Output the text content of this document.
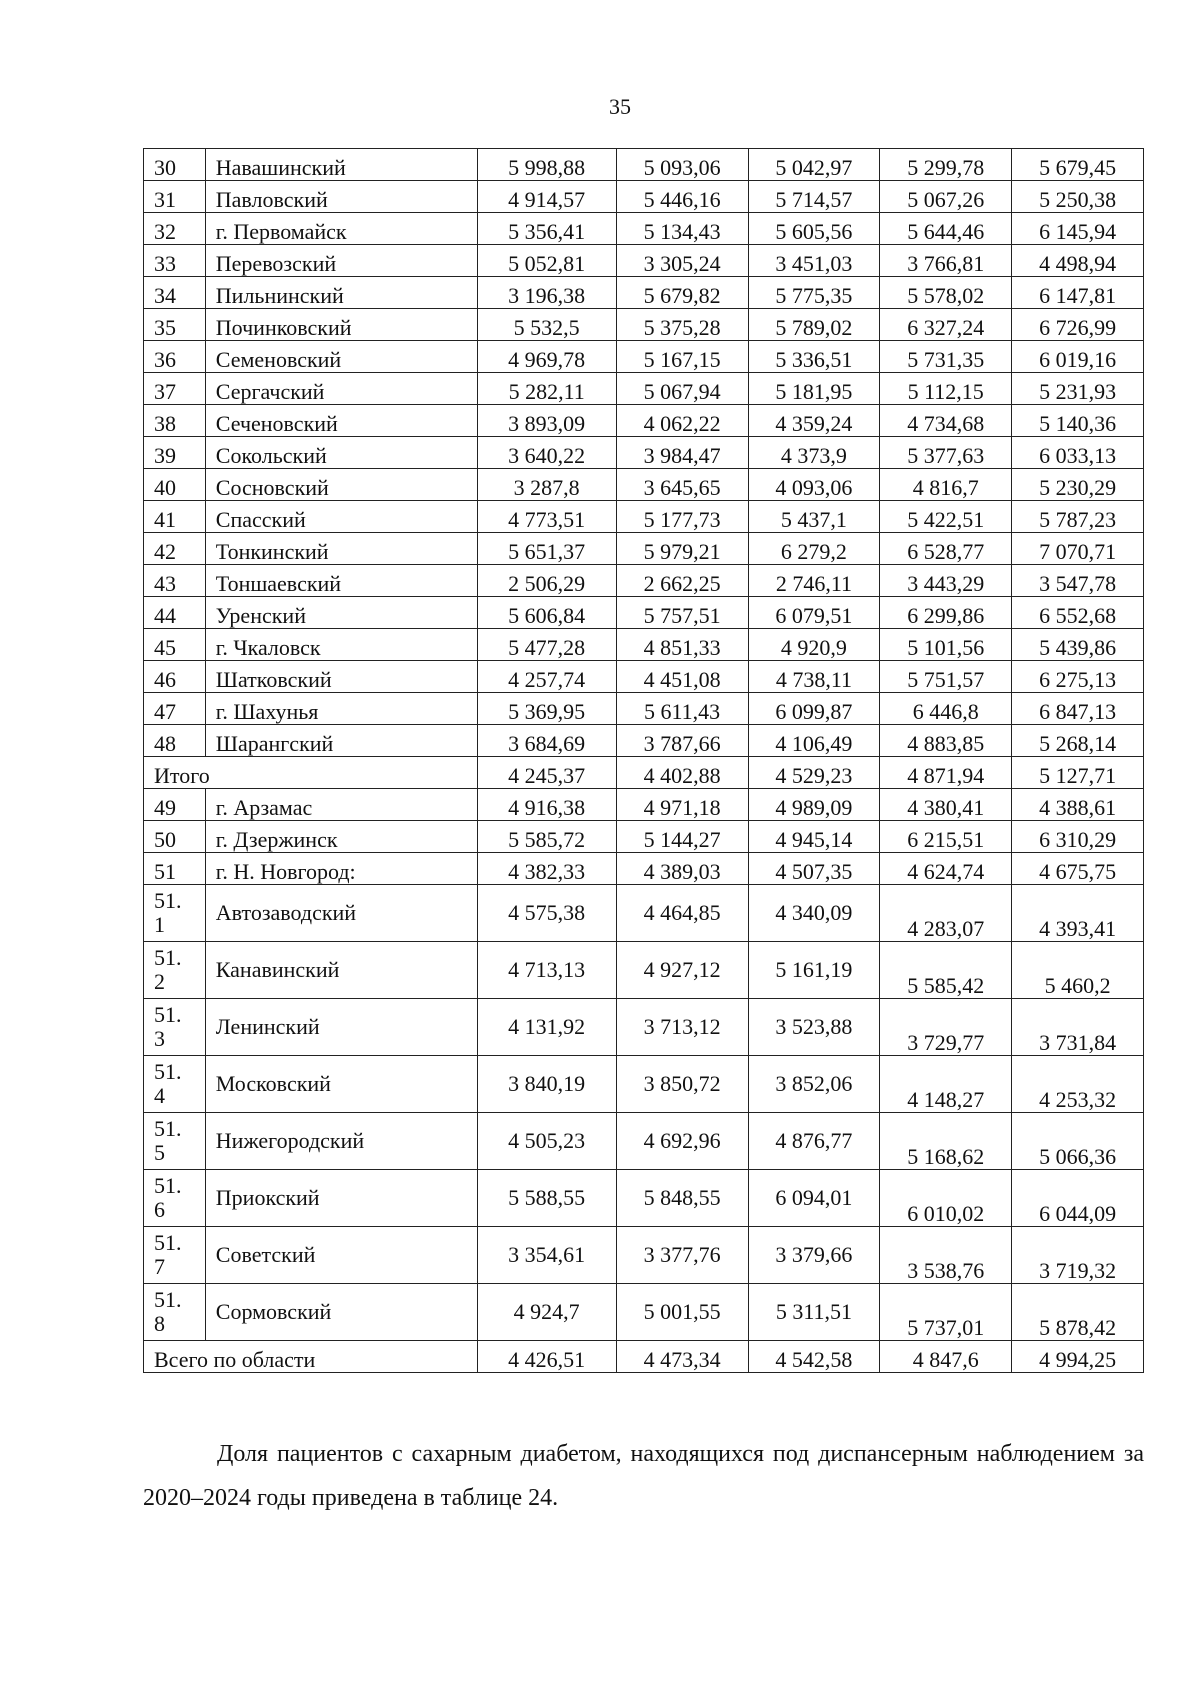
35
30	Навашинский	5 998,88	5 093,06	5 042,97	5 299,78	5 679,45
31	Павловский	4 914,57	5 446,16	5 714,57	5 067,26	5 250,38
32	г. Первомайск	5 356,41	5 134,43	5 605,56	5 644,46	6 145,94
33	Перевозский	5 052,81	3 305,24	3 451,03	3 766,81	4 498,94
34	Пильнинский	3 196,38	5 679,82	5 775,35	5 578,02	6 147,81
35	Починковский	5 532,5	5 375,28	5 789,02	6 327,24	6 726,99
36	Семеновский	4 969,78	5 167,15	5 336,51	5 731,35	6 019,16
37	Сергачский	5 282,11	5 067,94	5 181,95	5 112,15	5 231,93
38	Сеченовский	3 893,09	4 062,22	4 359,24	4 734,68	5 140,36
39	Сокольский	3 640,22	3 984,47	4 373,9	5 377,63	6 033,13
40	Сосновский	3 287,8	3 645,65	4 093,06	4 816,7	5 230,29
41	Спасский	4 773,51	5 177,73	5 437,1	5 422,51	5 787,23
42	Тонкинский	5 651,37	5 979,21	6 279,2	6 528,77	7 070,71
43	Тоншаевский	2 506,29	2 662,25	2 746,11	3 443,29	3 547,78
44	Уренский	5 606,84	5 757,51	6 079,51	6 299,86	6 552,68
45	г. Чкаловск	5 477,28	4 851,33	4 920,9	5 101,56	5 439,86
46	Шатковский	4 257,74	4 451,08	4 738,11	5 751,57	6 275,13
47	г. Шахунья	5 369,95	5 611,43	6 099,87	6 446,8	6 847,13
48	Шарангский	3 684,69	3 787,66	4 106,49	4 883,85	5 268,14
Итого		4 245,37	4 402,88	4 529,23	4 871,94	5 127,71
49	г. Арзамас	4 916,38	4 971,18	4 989,09	4 380,41	4 388,61
50	г. Дзержинск	5 585,72	5 144,27	4 945,14	6 215,51	6 310,29
51	г. Н. Новгород:	4 382,33	4 389,03	4 507,35	4 624,74	4 675,75
51.
1	Автозаводский	4 575,38	4 464,85	4 340,09	4 283,07	4 393,41
51.
2	Канавинский	4 713,13	4 927,12	5 161,19	5 585,42	5 460,2
51.
3	Ленинский	4 131,92	3 713,12	3 523,88	3 729,77	3 731,84
51.
4	Московский	3 840,19	3 850,72	3 852,06	4 148,27	4 253,32
51.
5	Нижегородский	4 505,23	4 692,96	4 876,77	5 168,62	5 066,36
51.
6	Приокский	5 588,55	5 848,55	6 094,01	6 010,02	6 044,09
51.
7	Советский	3 354,61	3 377,76	3 379,66	3 538,76	3 719,32
51.
8	Сормовский	4 924,7	5 001,55	5 311,51	5 737,01	5 878,42
Всего по области		4 426,51	4 473,34	4 542,58	4 847,6	4 994,25

Доля пациентов с сахарным диабетом, находящихся под диспансерным наблюдением за 2020–2024 годы приведена в таблице 24.
